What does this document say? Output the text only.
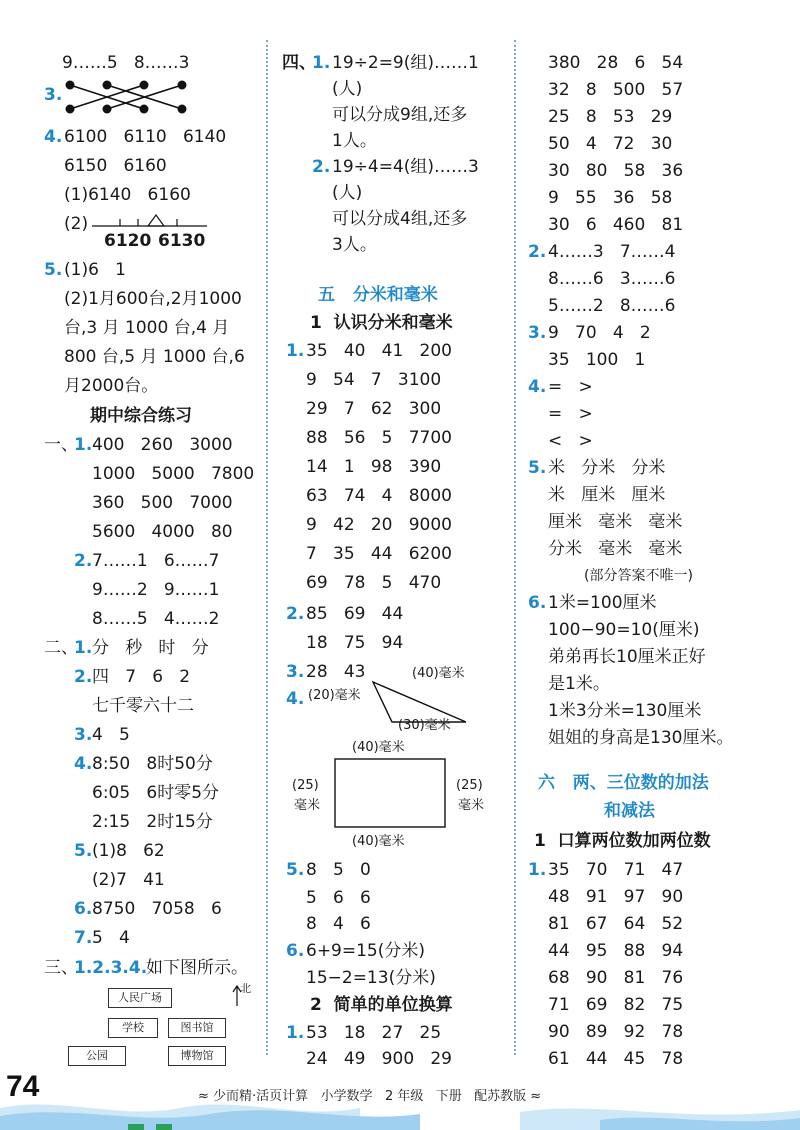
9……5   8……3
3.
4. 6100   6110   6140
6150   6160
(1)6140   6160
(2)
6120 6130
5. (1)6   1
(2)1月600台,2月1000
台,3 月 1000 台,4 月
800 台,5 月 1000 台,6
月2000台。
期中综合练习
一、
1. 400   260   3000
1000   5000   7800
360   500   7000
5600   4000   80
2. 7……1   6……7
9……2   9……1
8……5   4……2
二、
1. 分   秒   时   分
2. 四   7   6   2
七千零六十二
3. 4   5
4. 8:50   8时50分
6:05   6时零5分
2:15   2时15分
5. (1)8   62
(2)7   41
6. 8750   7058   6
7. 5   4
三、
1.2.3.4.
如下图所示。
人民广场
学校	图书馆
公园	博物馆
北
四、
1. 19÷2=9(组)……1
(人)
可以分成9组,还多
1人。
2. 19÷4=4(组)……3
(人)
可以分成4组,还多
3人。
五   分米和毫米
1  认识分米和毫米
1. 35   40   41   200
9   54   7   3100
29   7   62   300
88   56   5   7700
14   1   98   390
63   74   4   8000
9   42   20   9000
7   35   44   6200
69   78   5   470
2. 85   69   44
18   75   94
3. 28   43
4.
(40)毫米
(20)毫米
(30)毫米
(40)毫米
(25)
毫米
(25)
毫米
(40)毫米
5. 8   5   0
5   6   6
8   4   6
6. 6+9=15(分米)
15−2=13(分米)
2  简单的单位换算
1. 53   18   27   25
24   49   900   29
380   28   6   54
32   8   500   57
25   8   53   29
50   4   72   30
30   80   58   36
9   55   36   58
30   6   460   81
2. 4……3   7……4
8……6   3……6
5……2   8……6
3. 9   70   4   2
35   100   1
4. =   >
=   >
<   >
5. 米   分米   分米
米   厘米   厘米
厘米   毫米   毫米
分米   毫米   毫米
(部分答案不唯一)
6. 1米=100厘米
100−90=10(厘米)
弟弟再长10厘米正好
是1米。
1米3分米=130厘米
姐姐的身高是130厘米。
六   两、三位数的加法
和减法
1  口算两位数加两位数
1. 35   70   71   47
48   91   97   90
81   67   64   52
44   95   88   94
68   90   81   76
71   69   82   75
90   89   92   78
61   44   45   78
74	≈ 少而精·活页计算   小学数学   2 年级   下册   配苏教版 ≈
